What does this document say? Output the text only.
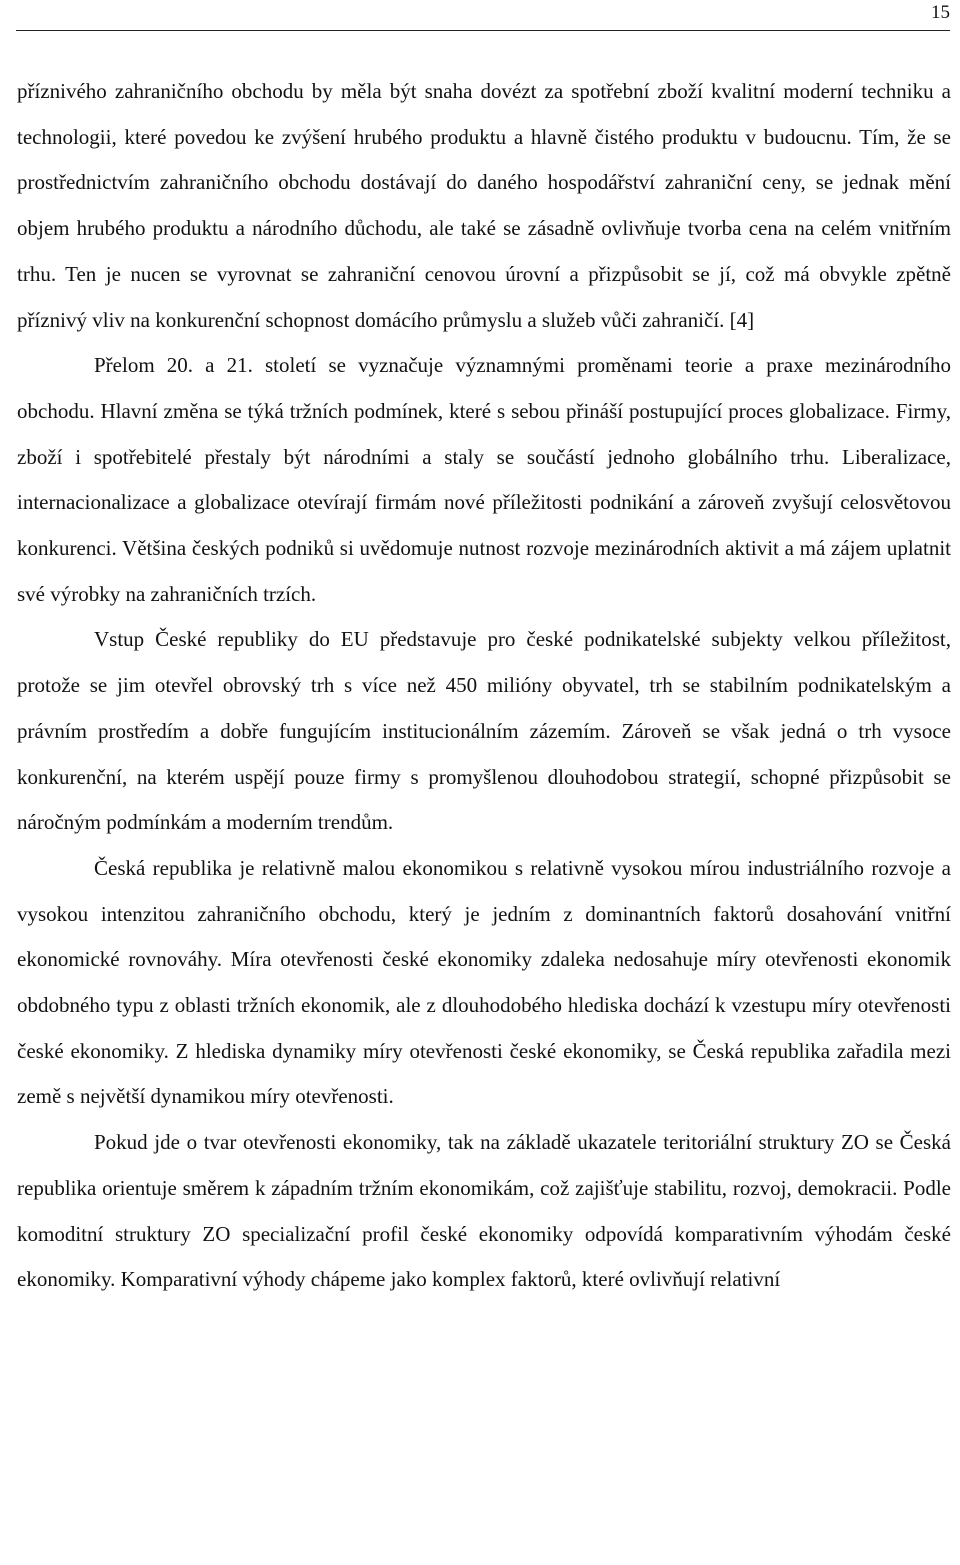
15

příznivého zahraničního obchodu by měla být snaha dovézt za spotřební zboží kvalitní moderní techniku a technologii, které povedou ke zvýšení hrubého produktu a hlavně čistého produktu v budoucnu. Tím, že se prostřednictvím zahraničního obchodu dostávají do daného hospodářství zahraniční ceny, se jednak mění objem hrubého produktu a národního důchodu, ale také se zásadně ovlivňuje tvorba cena na celém vnitřním trhu. Ten je nucen se vyrovnat se zahraniční cenovou úrovní a přizpůsobit se jí, což má obvykle zpětně příznivý vliv na konkurenční schopnost domácího průmyslu a služeb vůči zahraničí. [4]

Přelom 20. a 21. století se vyznačuje významnými proměnami teorie a praxe mezinárodního obchodu. Hlavní změna se týká tržních podmínek, které s sebou přináší postupující proces globalizace. Firmy, zboží i spotřebitelé přestaly být národními a staly se součástí jednoho globálního trhu. Liberalizace, internacionalizace a globalizace otevírají firmám nové příležitosti podnikání a zároveň zvyšují celosvětovou konkurenci. Většina českých podniků si uvědomuje nutnost rozvoje mezinárodních aktivit a má zájem uplatnit své výrobky na zahraničních trzích.

Vstup České republiky do EU představuje pro české podnikatelské subjekty velkou příležitost, protože se jim otevřel obrovský trh s více než 450 milióny obyvatel, trh se stabilním podnikatelským a právním prostředím a dobře fungujícím institucionálním zázemím. Zároveň se však jedná o trh vysoce konkurenční, na kterém uspějí pouze firmy s promyšlenou dlouhodobou strategií, schopné přizpůsobit se náročným podmínkám a moderním trendům.

Česká republika je relativně malou ekonomikou s relativně vysokou mírou industriálního rozvoje a vysokou intenzitou zahraničního obchodu, který je jedním z dominantních faktorů dosahování vnitřní ekonomické rovnováhy. Míra otevřenosti české ekonomiky zdaleka nedosahuje míry otevřenosti ekonomik obdobného typu z oblasti tržních ekonomik, ale z dlouhodobého hlediska dochází k vzestupu míry otevřenosti české ekonomiky. Z hlediska dynamiky míry otevřenosti české ekonomiky, se Česká republika zařadila mezi země s největší dynamikou míry otevřenosti.

Pokud jde o tvar otevřenosti ekonomiky, tak na základě ukazatele teritoriální struktury ZO se Česká republika orientuje směrem k západním tržním ekonomikám, což zajišťuje stabilitu, rozvoj, demokracii. Podle komoditní struktury ZO specializační profil české ekonomiky odpovídá komparativním výhodám české ekonomiky. Komparativní výhody chápeme jako komplex faktorů, které ovlivňují relativní
